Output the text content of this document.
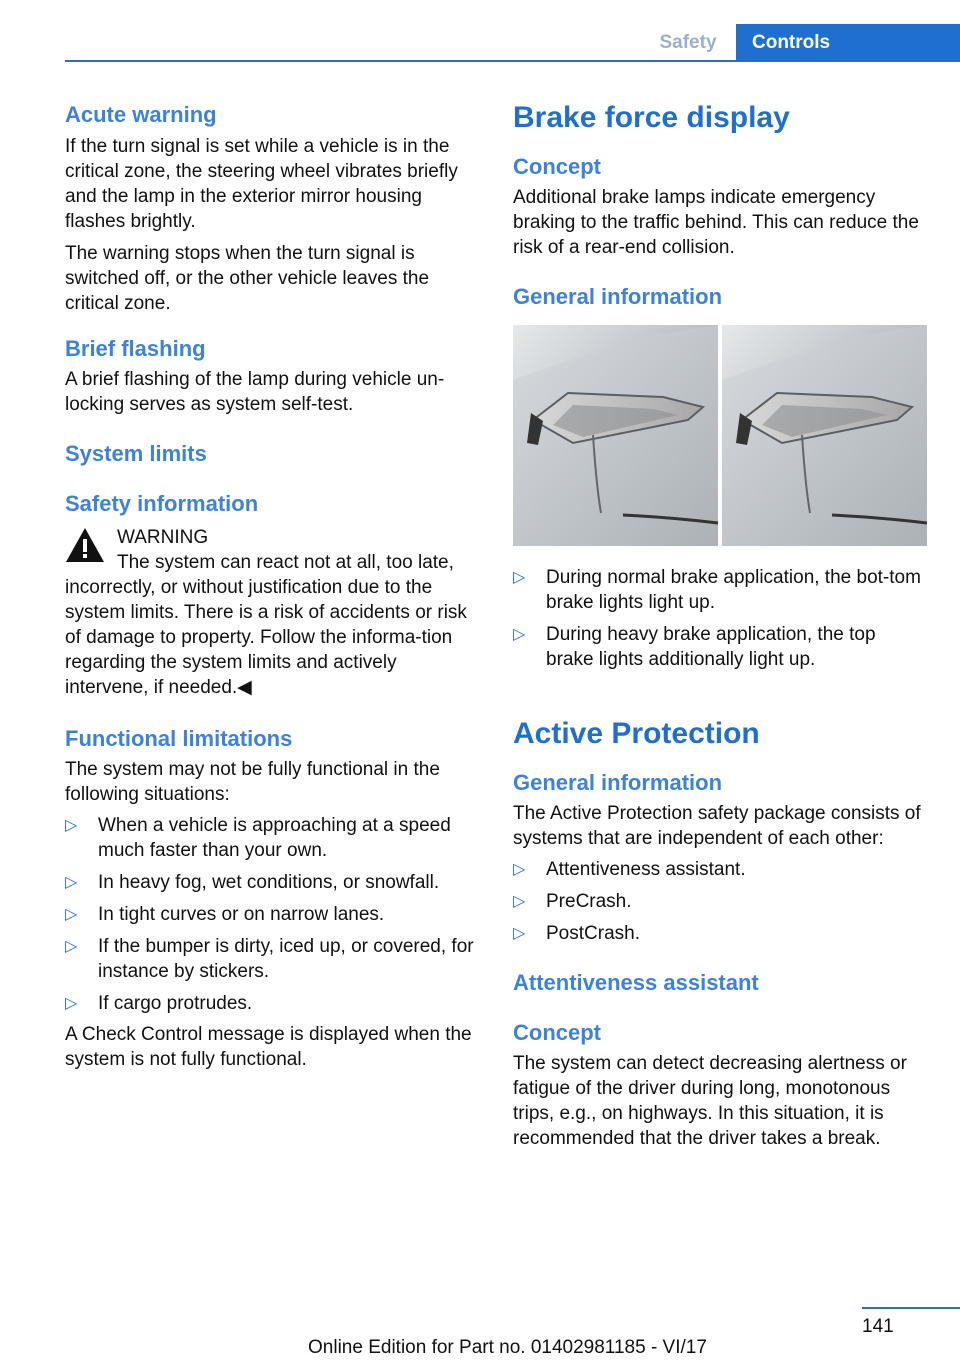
Safety	Controls
Acute warning

If the turn signal is set while a vehicle is in the critical zone, the steering wheel vibrates briefly and the lamp in the exterior mirror housing flashes brightly.

The warning stops when the turn signal is switched off, or the other vehicle leaves the critical zone.

Brief flashing

A brief flashing of the lamp during vehicle un‐locking serves as system self-test.

System limits
Safety information

WARNING

The system can react not at all, too late, incorrectly, or without justification due to the system limits. There is a risk of accidents or risk of damage to property. Follow the informa‐tion regarding the system limits and actively intervene, if needed.◀

Functional limitations

The system may not be fully functional in the following situations:

▷ When a vehicle is approaching at a speed much faster than your own.
▷ In heavy fog, wet conditions, or snowfall.
▷ In tight curves or on narrow lanes.
▷ If the bumper is dirty, iced up, or covered, for instance by stickers.
▷ If cargo protrudes.

A Check Control message is displayed when the system is not fully functional.

Brake force display
Concept

Additional brake lamps indicate emergency braking to the traffic behind. This can reduce the risk of a rear-end collision.

General information
▷ During normal brake application, the bot‐tom brake lights light up.
▷ During heavy brake application, the top brake lights additionally light up.
Active Protection
General information

The Active Protection safety package consists of systems that are independent of each other:

▷ Attentiveness assistant.
▷ PreCrash.
▷ PostCrash.
Attentiveness assistant
Concept

The system can detect decreasing alertness or fatigue of the driver during long, monotonous trips, e.g., on highways. In this situation, it is recommended that the driver takes a break.

141
Online Edition for Part no. 01402981185 - VI/17
